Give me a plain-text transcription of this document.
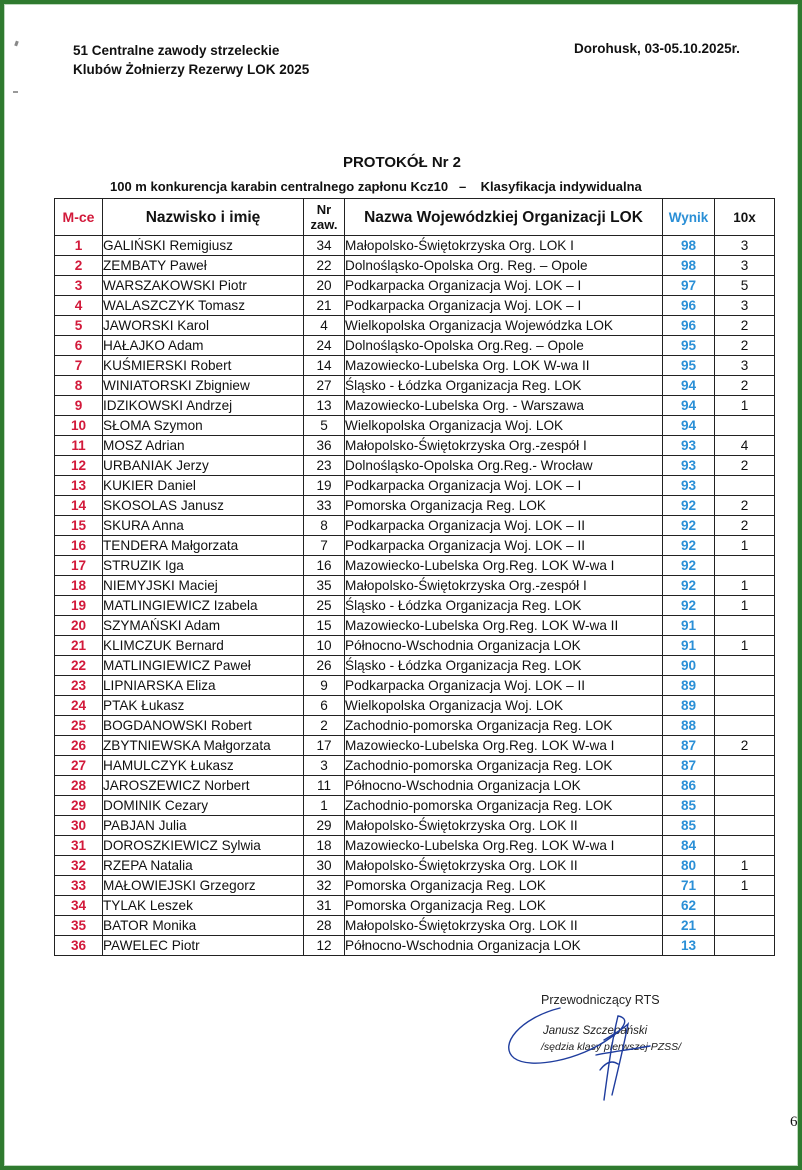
51 Centralne zawody strzeleckie
Klubów Żołnierzy Rezerwy LOK 2025
Dorohusk, 03-05.10.2025r.
PROTOKÓŁ Nr 2
100 m konkurencja karabin centralnego zapłonu Kcz10   –    Klasyfikacja indywidualna
M-ce	Nazwisko i imię	Nr
zaw.	Nazwa Wojewódzkiej Organizacji LOK	Wynik	10x
1	GALIŃSKI Remigiusz	34	Małopolsko-Świętokrzyska Org. LOK I	98	3
2	ZEMBATY Paweł	22	Dolnośląsko-Opolska Org. Reg. – Opole	98	3
3	WARSZAKOWSKI Piotr	20	Podkarpacka Organizacja Woj. LOK – I	97	5
4	WALASZCZYK Tomasz	21	Podkarpacka Organizacja Woj. LOK – I	96	3
5	JAWORSKI Karol	4	Wielkopolska Organizacja Wojewódzka LOK	96	2
6	HAŁAJKO Adam	24	Dolnośląsko-Opolska Org.Reg. – Opole	95	2
7	KUŚMIERSKI Robert	14	Mazowiecko-Lubelska Org. LOK W-wa II	95	3
8	WINIATORSKI Zbigniew	27	Śląsko - Łódzka Organizacja Reg. LOK	94	2
9	IDZIKOWSKI Andrzej	13	Mazowiecko-Lubelska Org. - Warszawa	94	1
10	SŁOMA Szymon	5	Wielkopolska Organizacja Woj. LOK	94	
11	MOSZ Adrian	36	Małopolsko-Świętokrzyska Org.-zespół I	93	4
12	URBANIAK Jerzy	23	Dolnośląsko-Opolska Org.Reg.- Wrocław	93	2
13	KUKIER Daniel	19	Podkarpacka Organizacja Woj. LOK – I	93	
14	SKOSOLAS Janusz	33	Pomorska Organizacja Reg. LOK	92	2
15	SKURA Anna	8	Podkarpacka Organizacja Woj. LOK – II	92	2
16	TENDERA Małgorzata	7	Podkarpacka Organizacja Woj. LOK – II	92	1
17	STRUZIK Iga	16	Mazowiecko-Lubelska Org.Reg. LOK W-wa I	92	
18	NIEMYJSKI Maciej	35	Małopolsko-Świętokrzyska Org.-zespół I	92	1
19	MATLINGIEWICZ Izabela	25	Śląsko - Łódzka Organizacja Reg. LOK	92	1
20	SZYMAŃSKI Adam	15	Mazowiecko-Lubelska Org.Reg. LOK W-wa II	91	
21	KLIMCZUK Bernard	10	Północno-Wschodnia Organizacja LOK	91	1
22	MATLINGIEWICZ Paweł	26	Śląsko - Łódzka Organizacja Reg. LOK	90	
23	LIPNIARSKA Eliza	9	Podkarpacka Organizacja Woj. LOK – II	89	
24	PTAK Łukasz	6	Wielkopolska Organizacja Woj. LOK	89	
25	BOGDANOWSKI Robert	2	Zachodnio-pomorska Organizacja Reg. LOK	88	
26	ZBYTNIEWSKA Małgorzata	17	Mazowiecko-Lubelska Org.Reg. LOK W-wa I	87	2
27	HAMULCZYK Łukasz	3	Zachodnio-pomorska Organizacja Reg. LOK	87	
28	JAROSZEWICZ Norbert	11	Północno-Wschodnia Organizacja LOK	86	
29	DOMINIK Cezary	1	Zachodnio-pomorska Organizacja Reg. LOK	85	
30	PABJAN Julia	29	Małopolsko-Świętokrzyska Org. LOK II	85	
31	DOROSZKIEWICZ Sylwia	18	Mazowiecko-Lubelska Org.Reg. LOK W-wa I	84	
32	RZEPA Natalia	30	Małopolsko-Świętokrzyska Org. LOK II	80	1
33	MAŁOWIEJSKI Grzegorz	32	Pomorska Organizacja Reg. LOK	71	1
34	TYLAK Leszek	31	Pomorska Organizacja Reg. LOK	62	
35	BATOR Monika	28	Małopolsko-Świętokrzyska Org. LOK II	21	
36	PAWELEC Piotr	12	Północno-Wschodnia Organizacja LOK	13	
Przewodniczący RTS
Janusz Szczepański
/sędzia klasy pierwszej PZSS/
6
